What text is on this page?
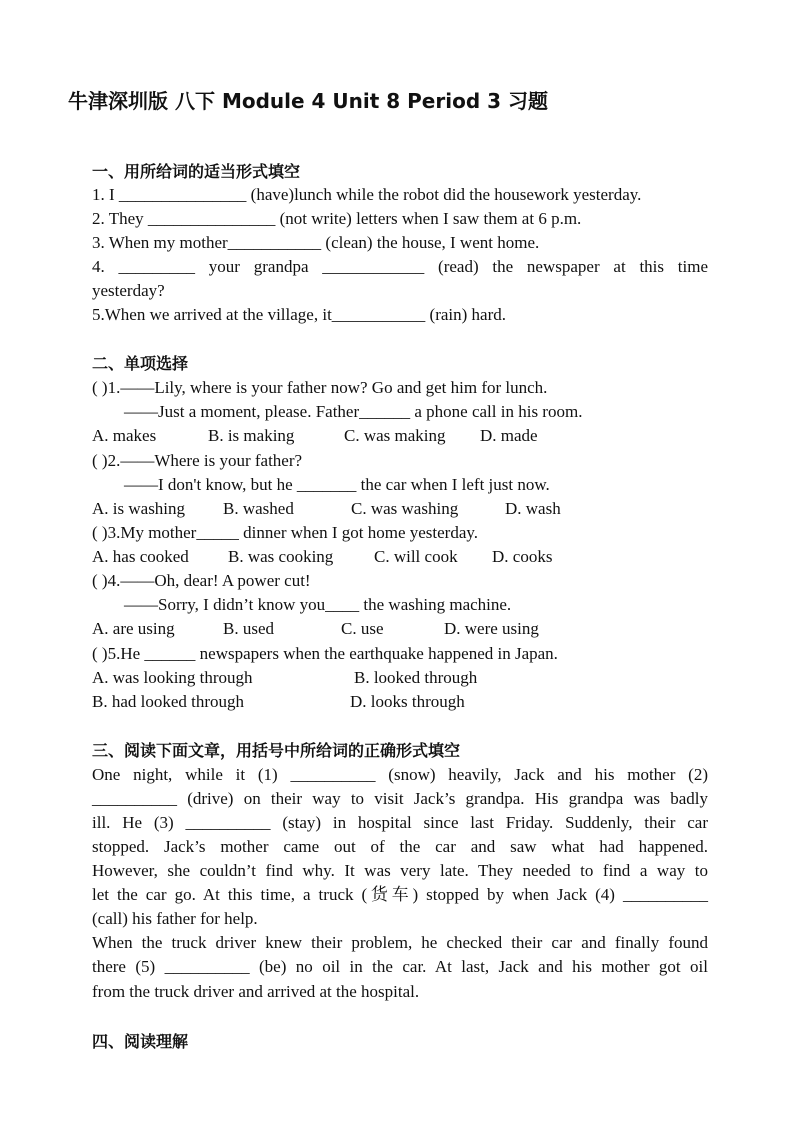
牛津深圳版 八下 Module 4 Unit 8 Period 3 习题
一、用所给词的适当形式填空
1. I _______________ (have)lunch while the robot did the housework yesterday.
2. They _______________ (not write) letters when I saw them at 6 p.m.
3. When my mother___________ (clean) the house, I went home.
4. _________ your grandpa ____________ (read) the newspaper at this time
yesterday?
5.When we arrived at the village, it___________ (rain) hard.
二、单项选择
( )1.——Lily, where is your father now? Go and get him for lunch.
——Just a moment, please. Father______ a phone call in his room.
A. makes	B. is making	C. was making D. made
( )2.——Where is your father?
——I don't know, but he _______ the car when I left just now.
A. is washing B. washed	C. was washing	D. wash
( )3.My mother_____ dinner when I got home yesterday.
A. has cooked B. was cooking C. will cook D. cooks
( )4.——Oh, dear! A power cut!
——Sorry, I didn’t know you____ the washing machine.
A. are using	B. used	C. use	D. were using
( )5.He ______ newspapers when the earthquake happened in Japan.
A. was looking through	B. looked through
B. had looked through	D. looks through
三、阅读下面文章，用括号中所给词的正确形式填空
One night, while it (1) __________ (snow) heavily, Jack and his mother (2)
__________ (drive) on their way to visit Jack’s grandpa. His grandpa was badly
ill. He (3) __________ (stay) in hospital since last Friday. Suddenly, their car
stopped. Jack’s mother came out of the car and saw what had happened.
However, she couldn’t find why. It was very late. They needed to find a way to
let the car go. At this time, a truck (货车) stopped by when Jack (4) __________
(call) his father for help.
When the truck driver knew their problem, he checked their car and finally found
there (5) __________ (be) no oil in the car. At last, Jack and his mother got oil
from the truck driver and arrived at the hospital.
四、阅读理解
